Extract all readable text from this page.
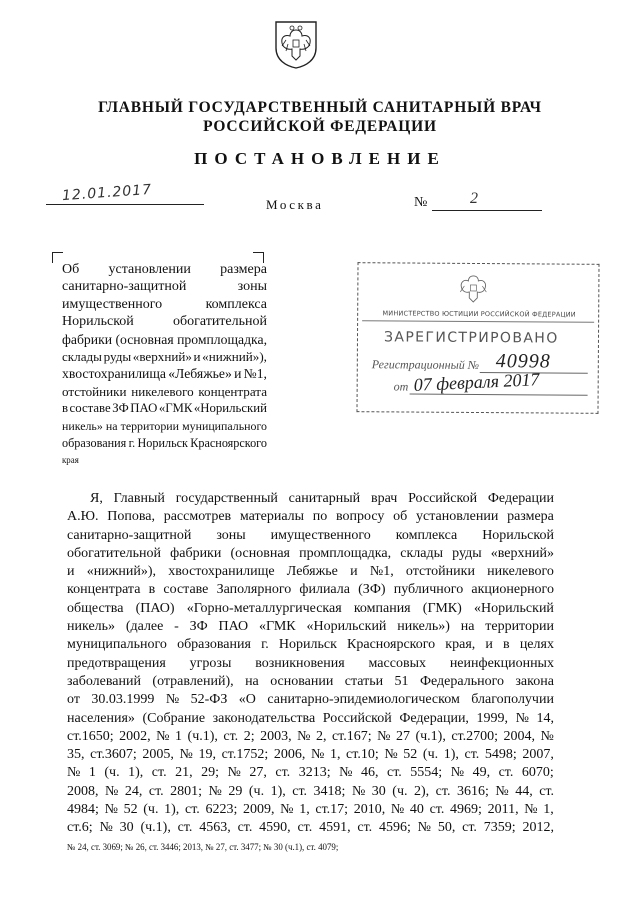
ГЛАВНЫЙ ГОСУДАРСТВЕННЫЙ САНИТАРНЫЙ ВРАЧ
РОССИЙСКОЙ ФЕДЕРАЦИИ
ПОСТАНОВЛЕНИЕ
12.01.2017
Москва	№	2

Об установлении размера

санитарно-защитной	зоны

имущественного	комплекса

Норильской	обогатительной

фабрики (основная промплощадка,

склады руды «верхний» и «нижний»),

хвостохранилища «Лебяжье» и №1,

отстойники никелевого концентрата

в составе ЗФ ПАО «ГМК «Норильский

никель» на территории муниципального

образования г. Норильск Красноярского

края

МИНИСТЕРСТВО ЮСТИЦИИ РОССИЙСКОЙ ФЕДЕРАЦИИ
ЗАРЕГИСТРИРОВАНО
Регистрационный № 40998
от 07 февраля 2017

Я, Главный государственный санитарный врач Российской Федерации

А.Ю. Попова, рассмотрев материалы по вопросу об установлении размера

санитарно-защитной зоны имущественного комплекса Норильской

обогатительной фабрики (основная промплощадка, склады руды «верхний»

и «нижний»), хвостохранилище Лебяжье и №1, отстойники никелевого

концентрата в составе Заполярного филиала (ЗФ) публичного акционерного

общества (ПАО) «Горно-металлургическая компания (ГМК) «Норильский

никель» (далее - ЗФ ПАО «ГМК «Норильский никель») на территории

муниципального образования г. Норильск Красноярского края, и в целях

предотвращения угрозы возникновения массовых неинфекционных

заболеваний (отравлений), на основании статьи 51 Федерального закона

от 30.03.1999 № 52-ФЗ «О санитарно-эпидемиологическом благополучии

населения» (Собрание законодательства Российской Федерации, 1999, № 14,

ст.1650; 2002, № 1 (ч.1), ст. 2; 2003, № 2, ст.167; № 27 (ч.1), ст.2700; 2004, №

35, ст.3607; 2005, № 19, ст.1752; 2006, № 1, ст.10; № 52 (ч. 1), ст. 5498; 2007,

№ 1 (ч. 1), ст. 21, 29; № 27, ст. 3213; № 46, ст. 5554; № 49, ст. 6070;

2008, № 24, ст. 2801; № 29 (ч. 1), ст. 3418; № 30 (ч. 2), ст. 3616; № 44, ст.

4984; № 52 (ч. 1), ст. 6223; 2009, № 1, ст.17; 2010, № 40 ст. 4969; 2011, № 1,

ст.6; № 30 (ч.1), ст. 4563, ст. 4590, ст. 4591, ст. 4596; № 50, ст. 7359; 2012,

№ 24, ст. 3069; № 26, ст. 3446; 2013, № 27, ст. 3477; № 30 (ч.1), ст. 4079;
